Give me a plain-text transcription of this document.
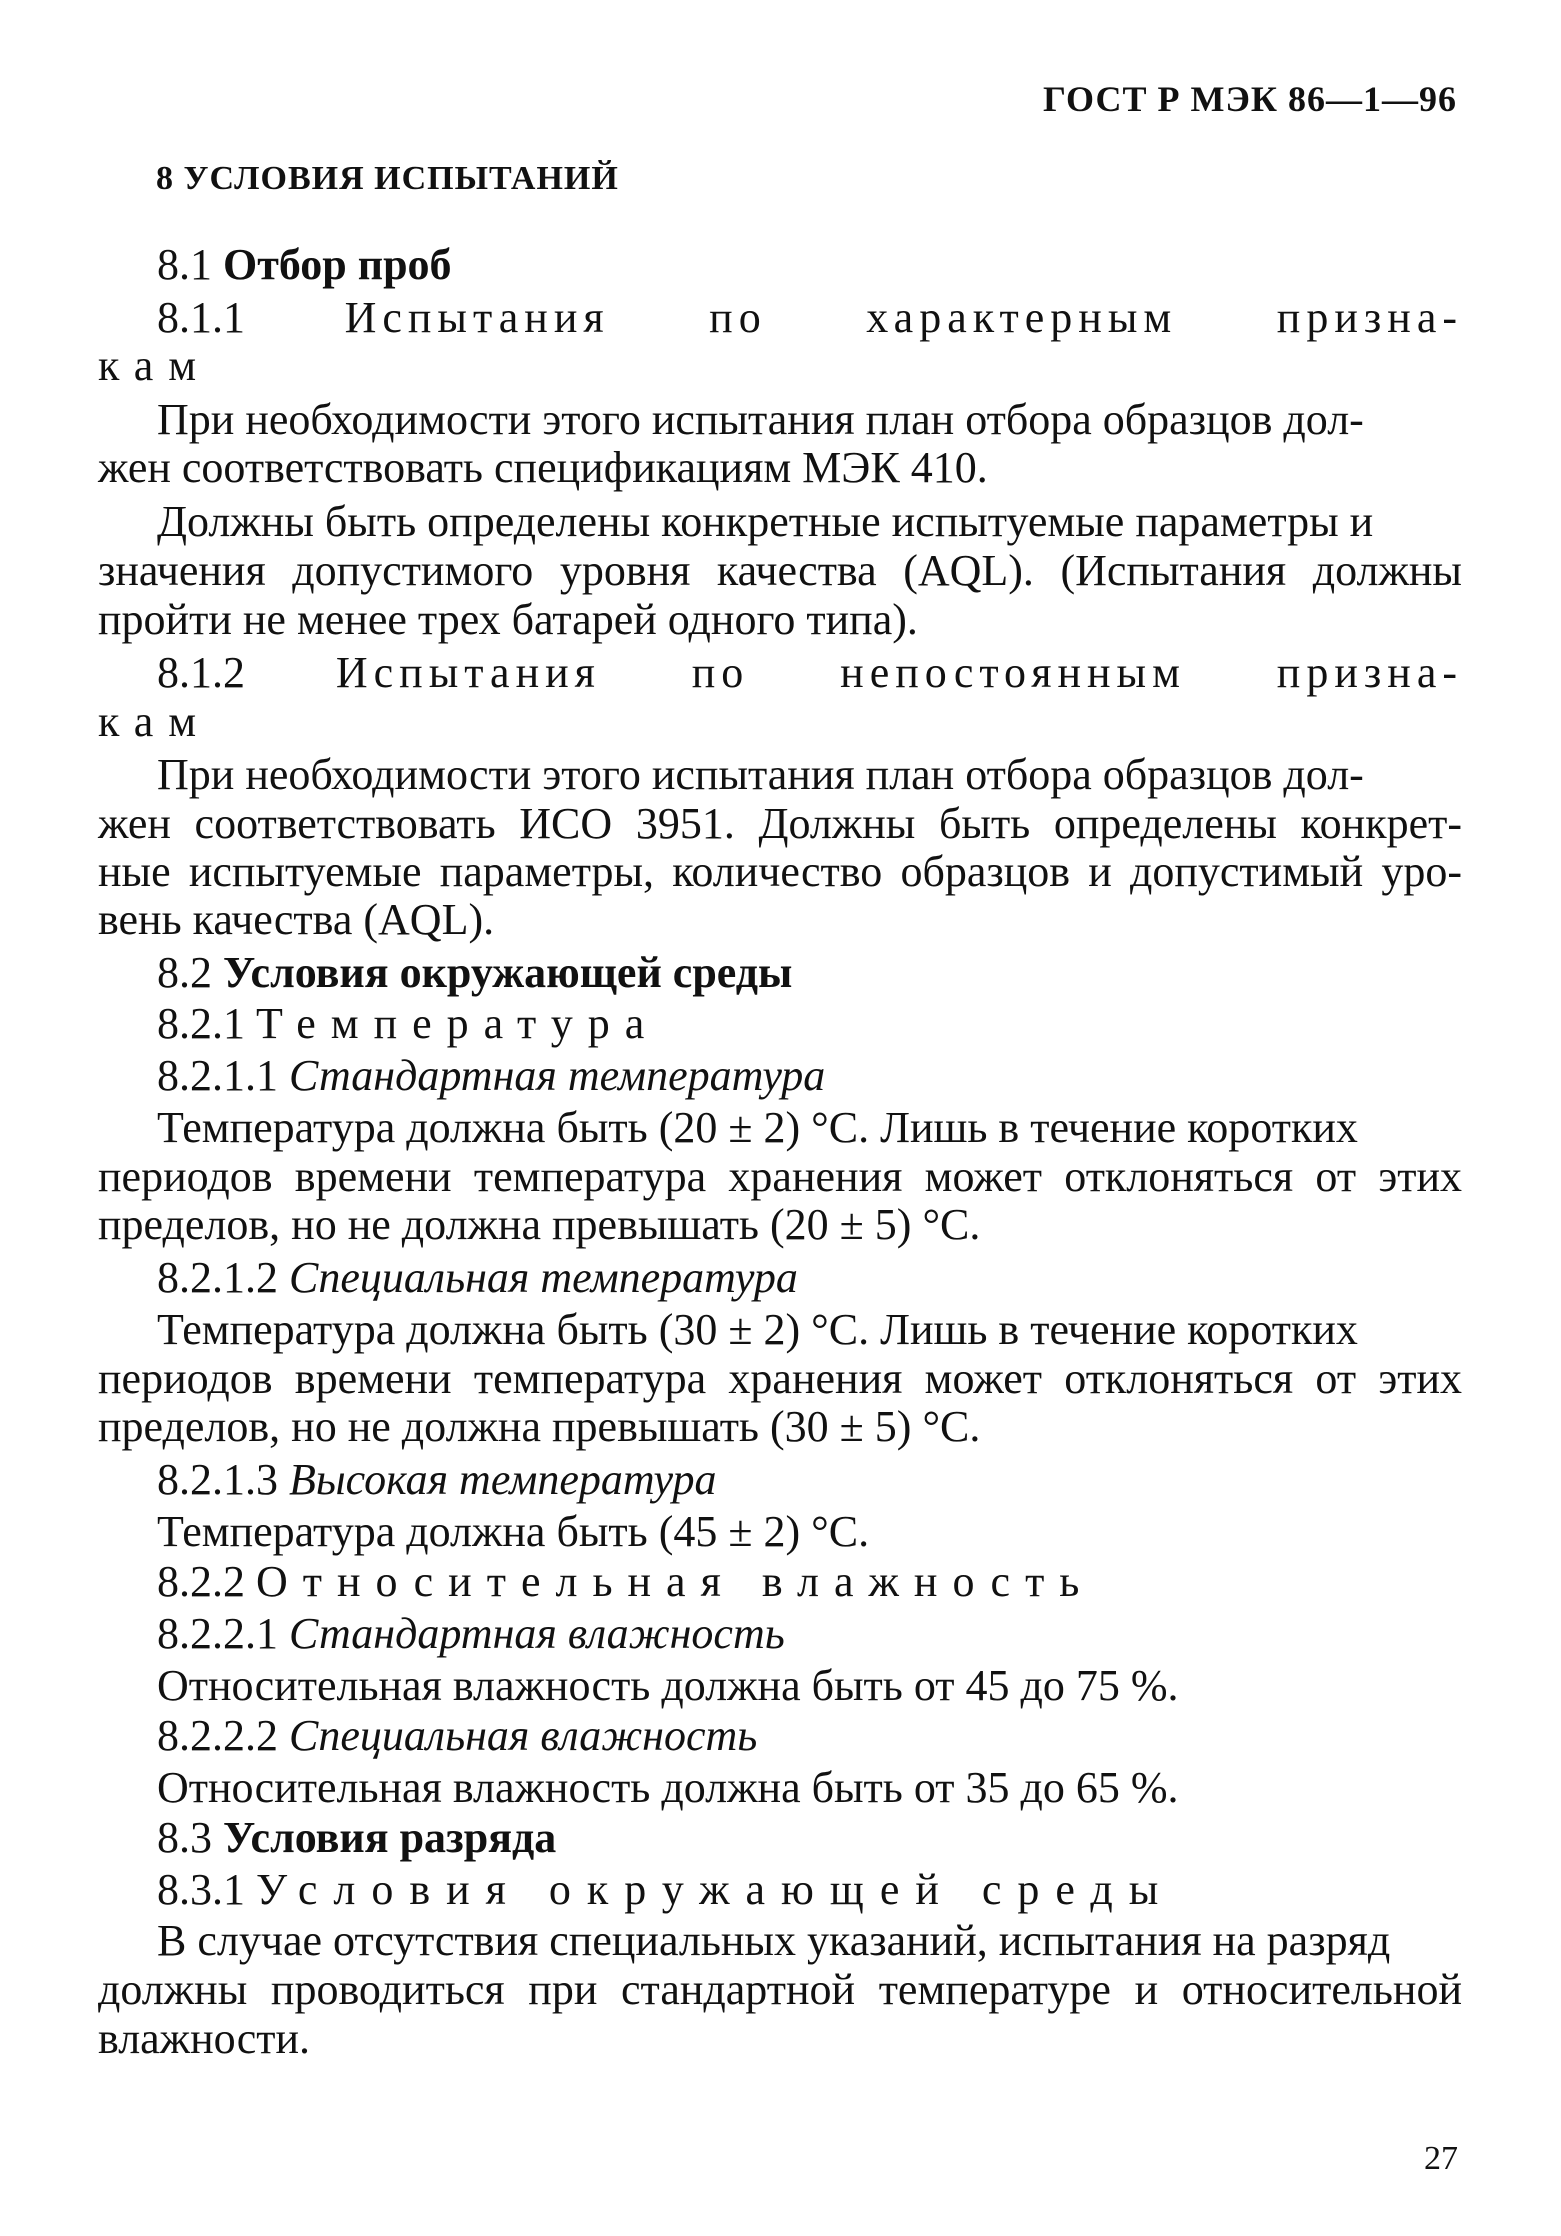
ГОСТ Р МЭК 86—1—96
8 УСЛОВИЯ ИСПЫТАНИЙ
8.1 Отбор проб
8.1.1 Испытания по характерным призна-
кам
При необходимости этого испытания план отбора образцов дол-
жен соответствовать спецификациям МЭК 410.
Должны быть определены конкретные испытуемые параметры и
значения допустимого уровня качества (AQL). (Испытания должны
пройти не менее трех батарей одного типа).
8.1.2 Испытания по непостоянным призна-
кам
При необходимости этого испытания план отбора образцов дол-
жен соответствовать ИСО 3951. Должны быть определены конкрет-
ные испытуемые параметры, количество образцов и допустимый уро-
вень качества (AQL).
8.2 Условия окружающей среды
8.2.1 Температура
8.2.1.1 Стандартная температура
Температура должна быть (20 ± 2) °С. Лишь в течение коротких
периодов времени температура хранения может отклоняться от этих
пределов, но не должна превышать (20 ± 5) °С.
8.2.1.2 Специальная температура
Температура должна быть (30 ± 2) °С. Лишь в течение коротких
периодов времени температура хранения может отклоняться от этих
пределов, но не должна превышать (30 ± 5) °С.
8.2.1.3 Высокая температура
Температура должна быть (45 ± 2) °С.
8.2.2 Относительная влажность
8.2.2.1 Стандартная влажность
Относительная влажность должна быть от 45 до 75 %.
8.2.2.2 Специальная влажность
Относительная влажность должна быть от 35 до 65 %.
8.3 Условия разряда
8.3.1 Условия окружающей среды
В случае отсутствия специальных указаний, испытания на разряд
должны проводиться при стандартной температуре и относительной
влажности.
27
